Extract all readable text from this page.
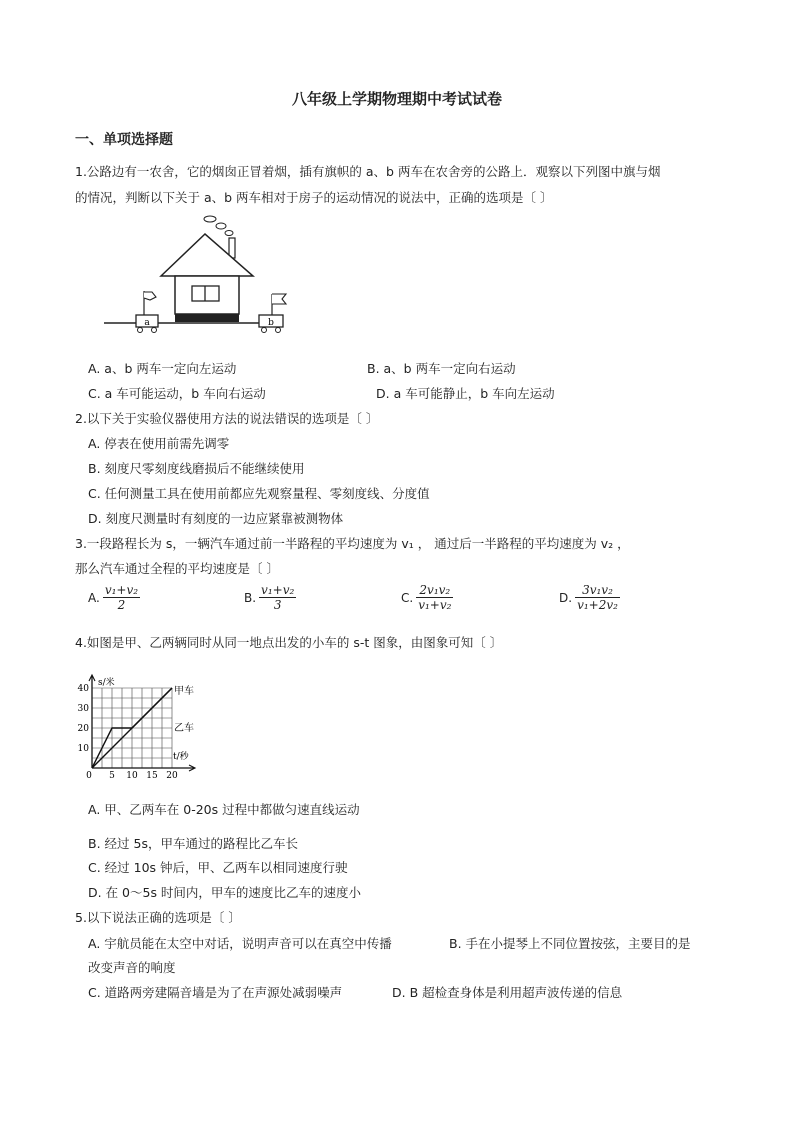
八年级上学期物理期中考试试卷
一、单项选择题
1.公路边有一农舍，它的烟囱正冒着烟，插有旗帜的 a、b 两车在农舍旁的公路上．观察以下列图中旗与烟
的情况，判断以下关于 a、b 两车相对于房子的运动情况的说法中，正确的选项是〔 〕
a	b
A. a、b 两车一定向左运动	B. a、b 两车一定向右运动
C. a 车可能运动，b 车向右运动	D. a 车可能静止，b 车向左运动
2.以下关于实验仪器使用方法的说法错误的选项是〔 〕
A. 停表在使用前需先调零
B. 刻度尺零刻度线磨损后不能继续使用
C. 任何测量工具在使用前都应先观察量程、零刻度线、分度值
D. 刻度尺测量时有刻度的一边应紧靠被测物体
3.一段路程长为 s，一辆汽车通过前一半路程的平均速度为 v₁ ， 通过后一半路程的平均速度为 v₂ ，
那么汽车通过全程的平均速度是〔 〕
A. $\frac{\text{v₁+v₂}}{2}$	B. $\frac{\text{v₁+v₂}}{3}$	C. $\frac{\text{2v₁v₂}}{\text{v₁+v₂}}$	D. $\frac{\text{3v₁v₂}}{\text{v₁+2v₂}}$
4.如图是甲、乙两辆同时从同一地点出发的小车的 s-t 图象，由图象可知〔 〕
甲车
乙车
s/米
t/秒
10
20
30
40
0 5 10 15 20
A. 甲、乙两车在 0-20s 过程中都做匀速直线运动
B. 经过 5s，甲车通过的路程比乙车长
C. 经过 10s 钟后，甲、乙两车以相同速度行驶
D. 在 0～5s 时间内，甲车的速度比乙车的速度小
5.以下说法正确的选项是〔 〕
A. 宇航员能在太空中对话，说明声音可以在真空中传播	B. 手在小提琴上不同位置按弦，主要目的是
改变声音的响度
C. 道路两旁建隔音墙是为了在声源处减弱噪声	D. B 超检查身体是利用超声波传递的信息
